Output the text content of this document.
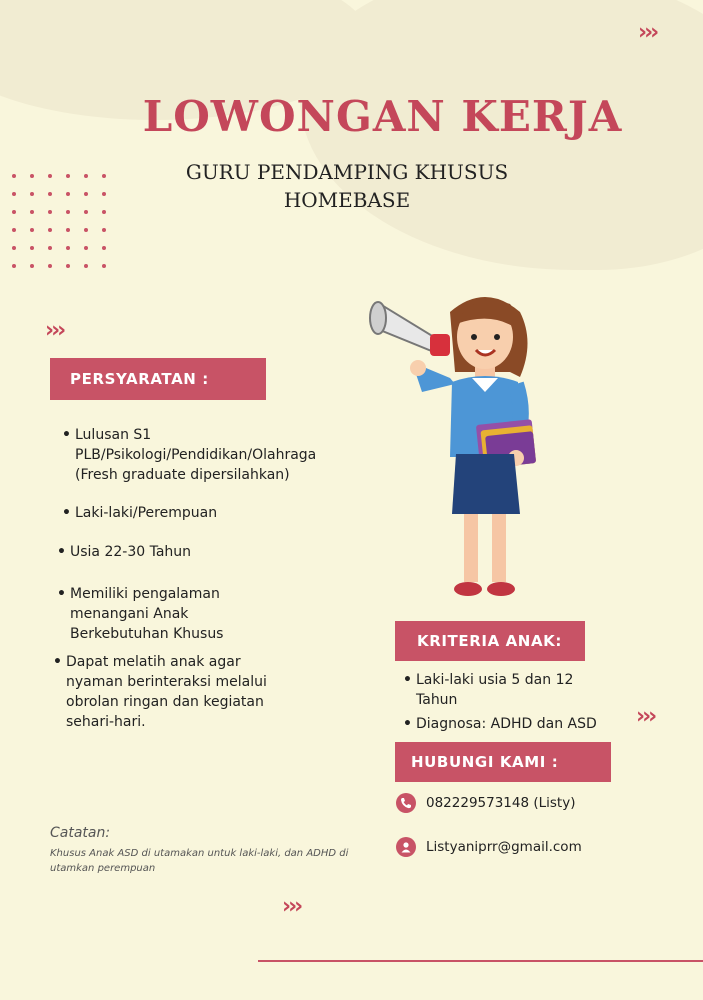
›››
›››
›››
›››
LOWONGAN KERJA
GURU PENDAMPING KHUSUS
HOMEBASE
PERSYARATAN :
• Lulusan S1
PLB/Psikologi/Pendidikan/Olahraga
(Fresh graduate dipersilahkan)
• Laki-laki/Perempuan
• Usia 22-30 Tahun
• Memiliki pengalaman
menangani Anak
Berkebutuhan Khusus
• Dapat melatih anak agar
nyaman berinteraksi melalui
obrolan ringan dan kegiatan
sehari-hari.
KRITERIA ANAK:
• Laki-laki usia 5 dan 12
Tahun
• Diagnosa: ADHD dan ASD
HUBUNGI KAMI :
082229573148 (Listy)
Listyaniprr@gmail.com
Catatan:
Khusus Anak ASD di utamakan untuk laki-laki, dan ADHD di utamkan perempuan
